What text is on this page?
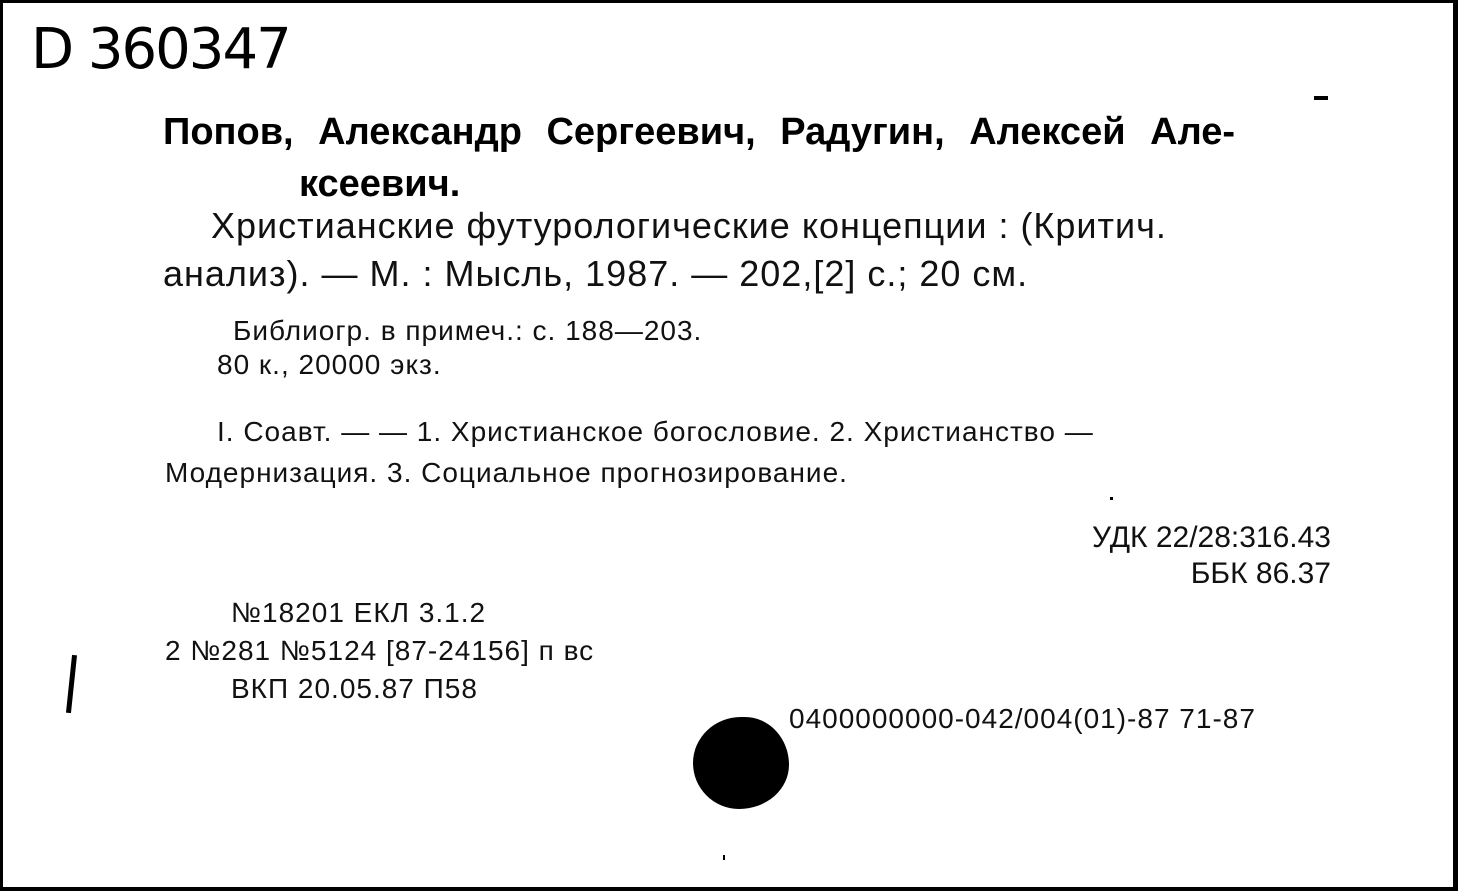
D 360347
Попов, Александр Сергеевич, Радугин, Алексей Але-
ксеевич.
Христианские футурологические концепции : (Критич.
анализ). — М. : Мысль, 1987. — 202,[2] с.; 20 см.
Библиогр. в примеч.: с. 188—203.
80 к., 20000 экз.
I. Соавт. — — 1. Христианское богословие. 2. Христианство —
Модернизация. 3. Социальное прогнозирование.
УДК 22/28:316.43
ББК 86.37
№18201 ЕКЛ 3.1.2
2 №281 №5124 [87-24156] п вс
ВКП 20.05.87 П58
0400000000-042/004(01)-87 71-87
